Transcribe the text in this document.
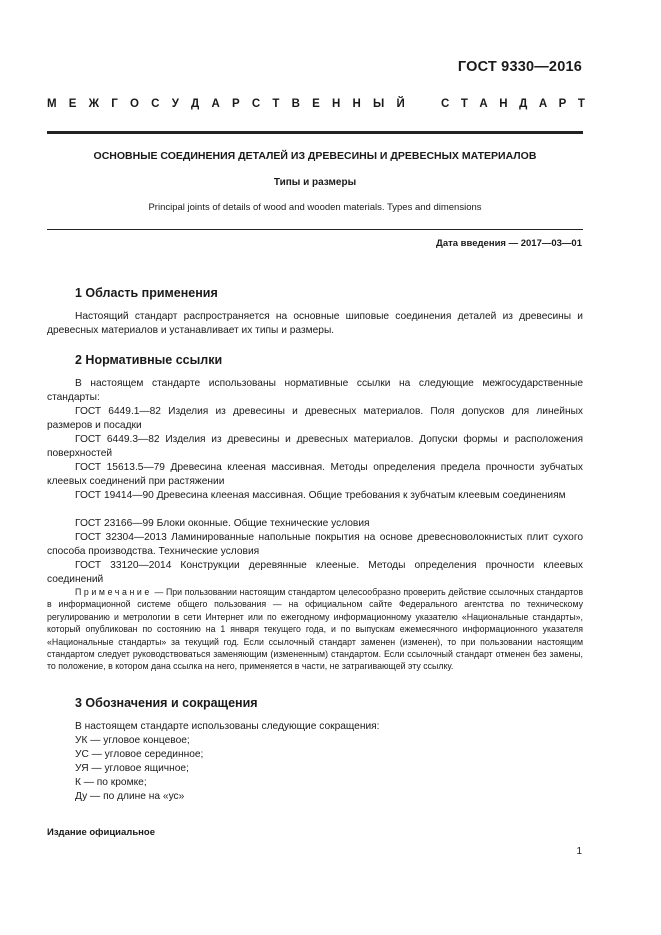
ГОСТ 9330—2016
М Е Ж Г О С У Д А Р С Т В Е Н Н Ы Й	С Т А Н Д А Р Т
ОСНОВНЫЕ СОЕДИНЕНИЯ ДЕТАЛЕЙ ИЗ ДРЕВЕСИНЫ И ДРЕВЕСНЫХ МАТЕРИАЛОВ
Типы и размеры
Principal joints of details of wood and wooden materials. Types and dimensions
Дата введения — 2017—03—01
1 Область применения

Настоящий стандарт распространяется на основные шиповые соединения деталей из древесины и древесных материалов и устанавливает их типы и размеры.

2 Нормативные ссылки

В настоящем стандарте использованы нормативные ссылки на следующие межгосударственные стандарты:

ГОСТ 6449.1—82 Изделия из древесины и древесных материалов. Поля допусков для линейных размеров и посадки

ГОСТ 6449.3—82 Изделия из древесины и древесных материалов. Допуски формы и расположения поверхностей

ГОСТ 15613.5—79 Древесина клееная массивная. Методы определения предела прочности зубчатых клеевых соединений при растяжении

ГОСТ 19414—90 Древесина клееная массивная. Общие требования к зубчатым клеевым соединениям

ГОСТ 23166—99 Блоки оконные. Общие технические условия

ГОСТ 32304—2013 Ламинированные напольные покрытия на основе древесноволокнистых плит сухого способа производства. Технические условия

ГОСТ 33120—2014 Конструкции деревянные клееные. Методы определения прочности клеевых соединений

Примечание — При пользовании настоящим стандартом целесообразно проверить действие ссылочных стандартов в информационной системе общего пользования — на официальном сайте Федерального агентства по техническому регулированию и метрологии в сети Интернет или по ежегодному информационному указателю «Национальные стандарты», который опубликован по состоянию на 1 января текущего года, и по выпускам ежемесячного информационного указателя «Национальные стандарты» за текущий год. Если ссылочный стандарт заменен (изменен), то при пользовании настоящим стандартом следует руководствоваться заменяющим (измененным) стандартом. Если ссылочный стандарт отменен без замены, то положение, в котором дана ссылка на него, применяется в части, не затрагивающей эту ссылку.

3 Обозначения и сокращения
В настоящем стандарте использованы следующие сокращения:
УК — угловое концевое;
УС — угловое серединное;
УЯ — угловое ящичное;
К — по кромке;
Ду — по длине на «ус»
Издание официальное
1
